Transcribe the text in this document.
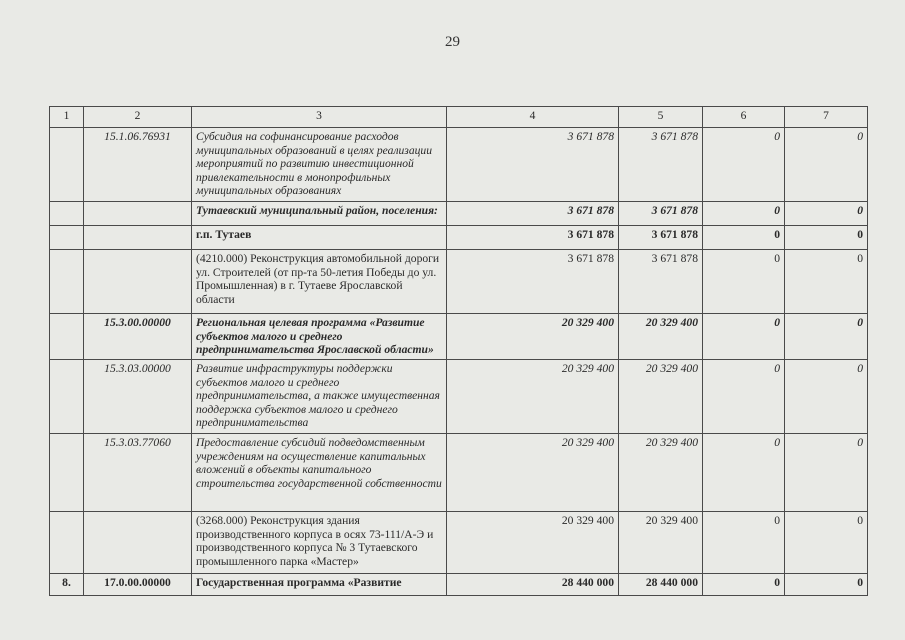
29
1	2	3	4	5	6	7
	15.1.06.76931	Субсидия на софинансирование расходов муниципальных образований в целях реализации мероприятий по развитию инвестиционной привлекательности в монопрофильных муниципальных образованиях	3 671 878	3 671 878	0	0
		Тутаевский муниципальный район, поселения:	3 671 878	3 671 878	0	0
		г.п. Тутаев	3 671 878	3 671 878	0	0
		(4210.000) Реконструкция автомобильной дороги ул. Строителей (от пр-та 50-летия Победы до ул. Промышленная) в г. Тутаеве Ярославской области	3 671 878	3 671 878	0	0
	15.3.00.00000	Региональная целевая программа «Развитие субъектов малого и среднего предпринимательства Ярославской области»	20 329 400	20 329 400	0	0
	15.3.03.00000	Развитие инфраструктуры поддержки субъектов малого и среднего предпринимательства, а также имущественная поддержка субъектов малого и среднего предпринимательства	20 329 400	20 329 400	0	0
	15.3.03.77060	Предоставление субсидий подведомственным учреждениям на осуществление капитальных вложений в объекты капитального строительства государственной собственности	20 329 400	20 329 400	0	0
		(3268.000) Реконструкция здания производственного корпуса в осях 73-111/А-Э и производственного корпуса № 3 Тутаевского промышленного парка «Мастер»	20 329 400	20 329 400	0	0
8.	17.0.00.00000	Государственная программа «Развитие	28 440 000	28 440 000	0	0
